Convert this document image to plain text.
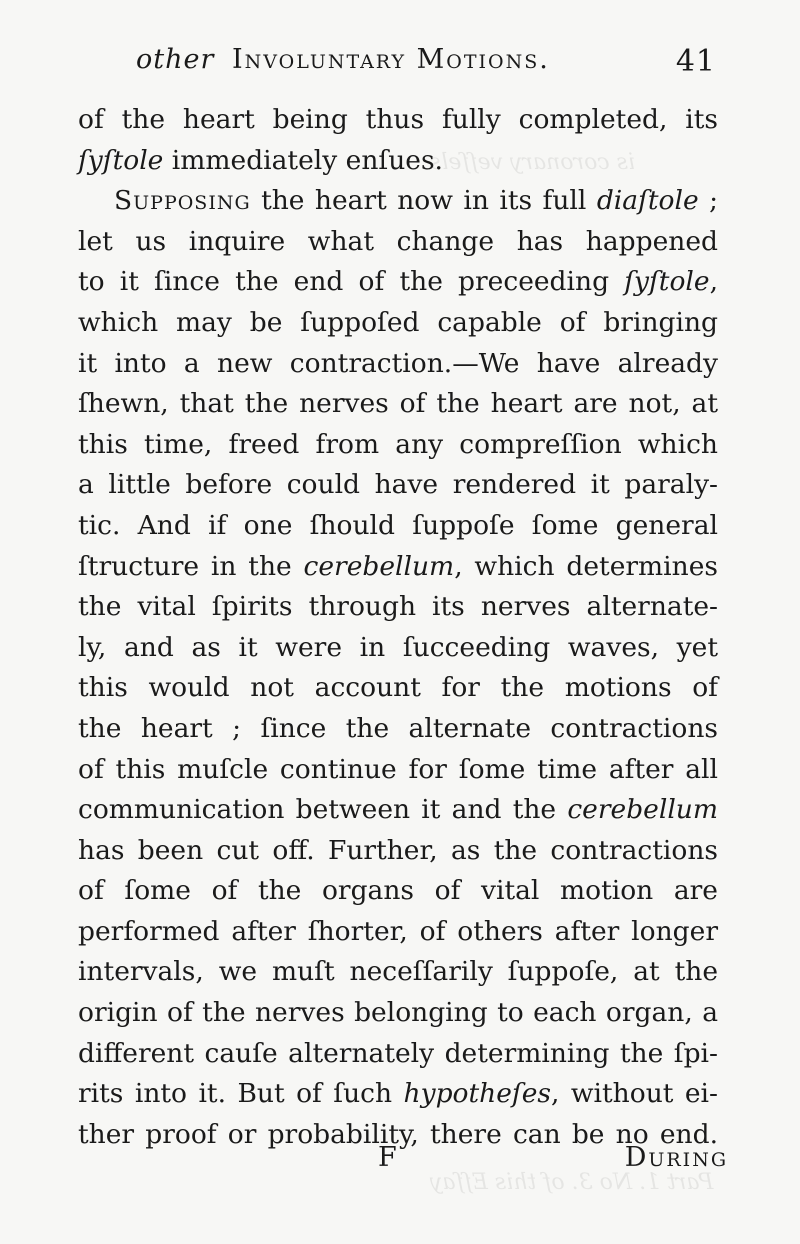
is coronary veſſels
Part 1. No 3. of this Eſſay
other Involuntary Motions.	41
of the heart being thus fully completed, its
ſyſtole immediately enſues.
Supposing the heart now in its full diaſtole ;
let us inquire what change has happened
to it ſince the end of the preceeding ſyſtole,
which may be ſuppoſed capable of bringing
it into a new contraction.—We have already
ſhewn, that the nerves of the heart are not, at
this time, freed from any compreſſion which
a little before could have rendered it paraly-
tic. And if one ſhould ſuppoſe ſome general
ſtructure in the cerebellum, which determines
the vital ſpirits through its nerves alternate-
ly, and as it were in ſucceeding waves, yet
this would not account for the motions of
the heart ; ſince the alternate contractions
of this muſcle continue for ſome time after all
communication between it and the cerebellum
has been cut off. Further, as the contractions
of ſome of the organs of vital motion are
performed after ſhorter, of others after longer
intervals, we muſt neceſſarily ſuppoſe, at the
origin of the nerves belonging to each organ, a
different cauſe alternately determining the ſpi-
rits into it. But of ſuch hypotheſes, without ei-
ther proof or probability, there can be no end.
F	During
